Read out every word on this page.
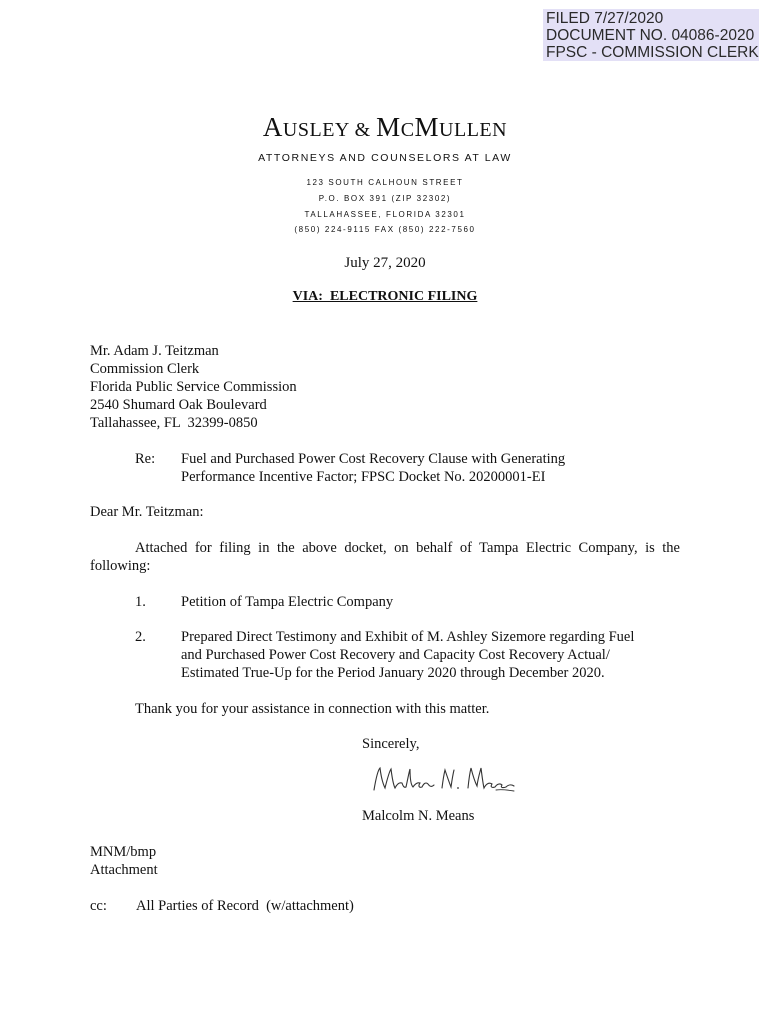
FILED 7/27/2020
DOCUMENT NO. 04086-2020
FPSC - COMMISSION CLERK
AUSLEY & MCMULLEN
ATTORNEYS AND COUNSELORS AT LAW
123 SOUTH CALHOUN STREET
P.O. BOX 391 (ZIP 32302)
TALLAHASSEE, FLORIDA 32301
(850) 224-9115 FAX (850) 222-7560
July 27, 2020
VIA:  ELECTRONIC FILING
Mr. Adam J. Teitzman
Commission Clerk
Florida Public Service Commission
2540 Shumard Oak Boulevard
Tallahassee, FL  32399-0850
Re: Fuel and Purchased Power Cost Recovery Clause with Generating
Performance Incentive Factor; FPSC Docket No. 20200001-EI
Dear Mr. Teitzman:
Attached for filing in the above docket, on behalf of Tampa Electric Company, is the following:
1. Petition of Tampa Electric Company
2. Prepared Direct Testimony and Exhibit of M. Ashley Sizemore regarding Fuel
and Purchased Power Cost Recovery and Capacity Cost Recovery Actual/
Estimated True-Up for the Period January 2020 through December 2020.
Thank you for your assistance in connection with this matter.
Sincerely,
Malcolm N. Means
MNM/bmp
Attachment
cc: All Parties of Record  (w/attachment)
